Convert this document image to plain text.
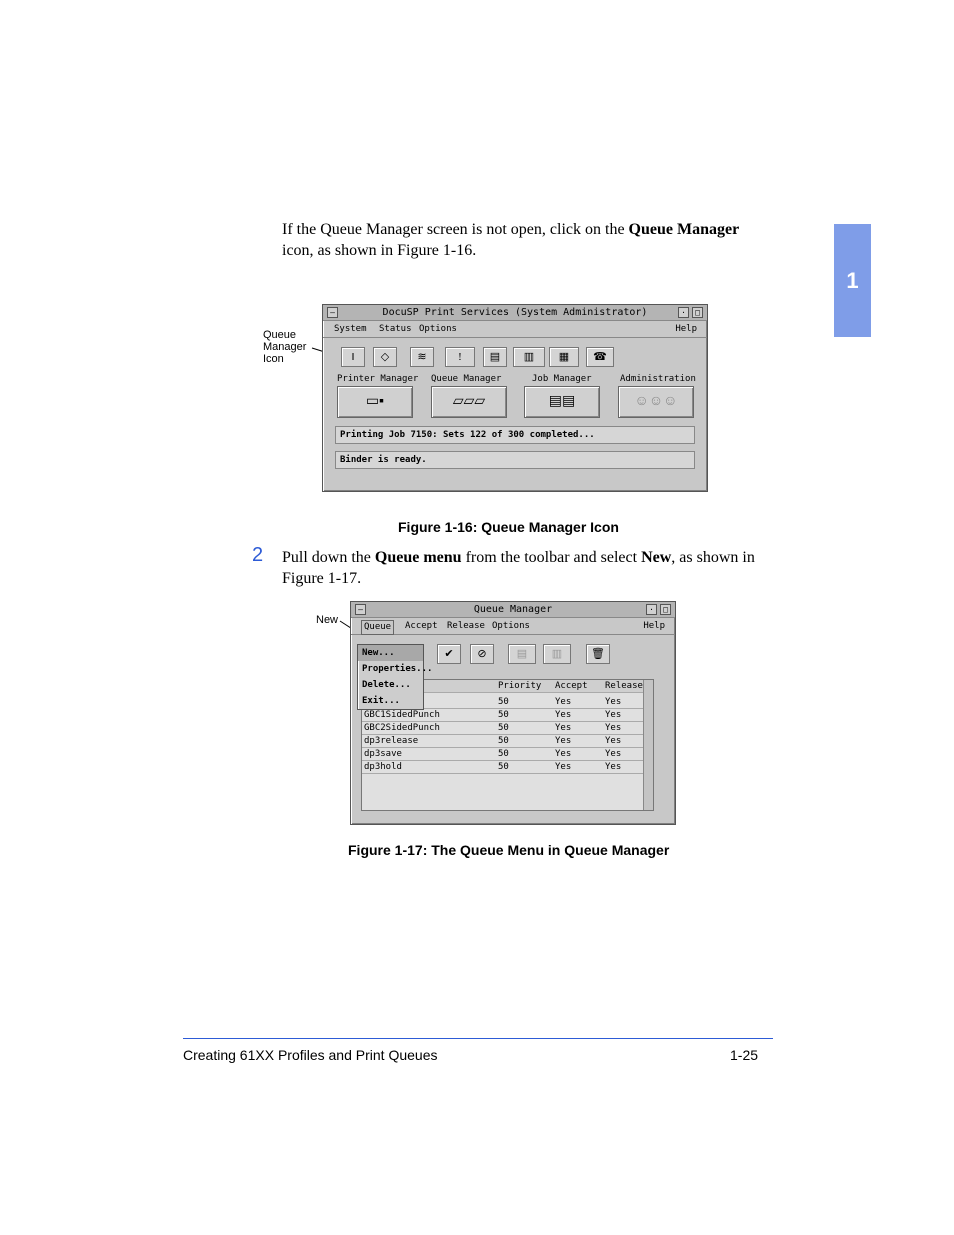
1
If the Queue Manager screen is not open, click on the Queue Manager icon, as shown in Figure 1-16.
Queue
Manager
Icon
–	DocuSP Print Services (System Administrator)	·	□
System Status Options	Help
‖	◇	≋	!	▤	▥	▦	☎
Printer Manager Queue Manager	Job Manager	Administration
▭▪	▱▱▱	▤▤	☺☺☺
Printing Job 7150: Sets 122 of 300 completed...
Binder is ready.
Figure 1-16: Queue Manager Icon
2 Pull down the Queue menu from the toolbar and select New, as shown in Figure 1-17.
New
–	Queue Manager	·	□
Queue	Accept Release Options	Help
✔	⊘	▤	▥	🗑
Priority Accept Release
50	Yes	Yes
GBC1SidedPunch	50	Yes	Yes
GBC2SidedPunch	50	Yes	Yes
dp3release	50	Yes	Yes
dp3save	50	Yes	Yes
dp3hold	50	Yes	Yes
New...
Properties...
Delete...
Exit...
Figure 1-17: The Queue Menu in Queue Manager
Creating 61XX Profiles and Print Queues	1-25
